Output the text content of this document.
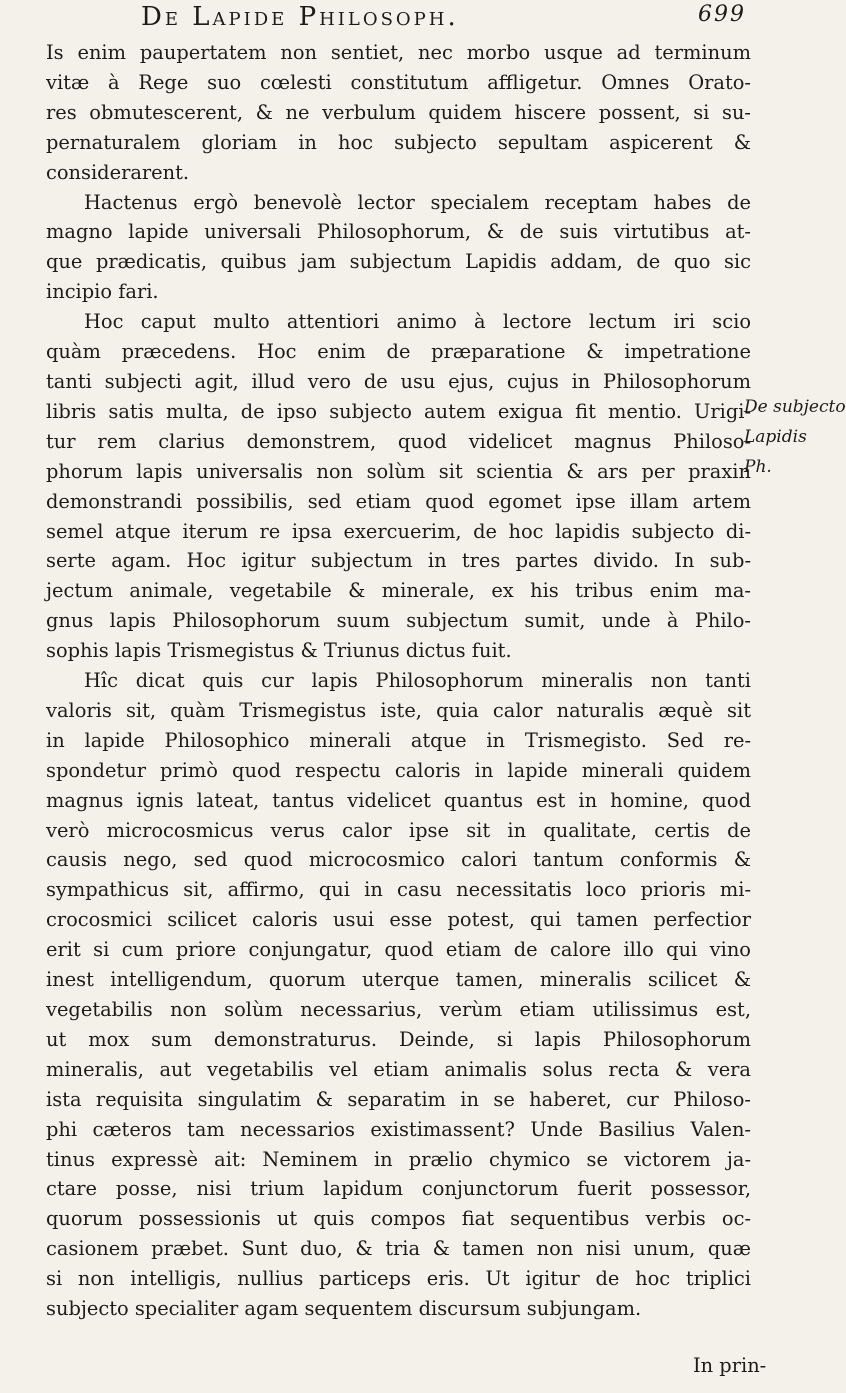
De Lapide Philosoph.	699

Is enim paupertatem non sentiet, nec morbo usque ad terminum
vitæ à Rege suo cœlesti constitutum affligetur. Omnes Orato-
res obmutescerent, & ne verbulum quidem hiscere possent, si su-
pernaturalem gloriam in hoc subjecto sepultam aspicerent &
considerarent.

Hactenus ergò benevolè lector specialem receptam habes de
magno lapide universali Philosophorum, & de suis virtutibus at-
que prædicatis, quibus jam subjectum Lapidis addam, de quo sic
incipio fari.

Hoc caput multo attentiori animo à lectore lectum iri scio
quàm præcedens. Hoc enim de præparatione & impetratione
tanti subjecti agit, illud vero de usu ejus, cujus in Philosophorum
libris satis multa, de ipso subjecto autem exigua fit mentio. Urigi-
tur rem clarius demonstrem, quod videlicet magnus Philoso-
phorum lapis universalis non solùm sit scientia & ars per praxin
demonstrandi possibilis, sed etiam quod egomet ipse illam artem
semel atque iterum re ipsa exercuerim, de hoc lapidis subjecto di-
serte agam. Hoc igitur subjectum in tres partes divido. In sub-
jectum animale, vegetabile & minerale, ex his tribus enim ma-
gnus lapis Philosophorum suum subjectum sumit, unde à Philo-
sophis lapis Trismegistus & Triunus dictus fuit.

Hîc dicat quis cur lapis Philosophorum mineralis non tanti
valoris sit, quàm Trismegistus iste, quia calor naturalis æquè sit
in lapide Philosophico minerali atque in Trismegisto. Sed re-
spondetur primò quod respectu caloris in lapide minerali quidem
magnus ignis lateat, tantus videlicet quantus est in homine, quod
verò microcosmicus verus calor ipse sit in qualitate, certis de
causis nego, sed quod microcosmico calori tantum conformis &
sympathicus sit, affirmo, qui in casu necessitatis loco prioris mi-
crocosmici scilicet caloris usui esse potest, qui tamen perfectior
erit si cum priore conjungatur, quod etiam de calore illo qui vino
inest intelligendum, quorum uterque tamen, mineralis scilicet &
vegetabilis non solùm necessarius, verùm etiam utilissimus est,
ut mox sum demonstraturus. Deinde, si lapis Philosophorum
mineralis, aut vegetabilis vel etiam animalis solus recta & vera
ista requisita singulatim & separatim in se haberet, cur Philoso-
phi cæteros tam necessarios existimassent? Unde Basilius Valen-
tinus expressè ait: Neminem in prælio chymico se victorem ja-
ctare posse, nisi trium lapidum conjunctorum fuerit possessor,
quorum possessionis ut quis compos fiat sequentibus verbis oc-
casionem præbet. Sunt duo, & tria & tamen non nisi unum, quæ
si non intelligis, nullius particeps eris. Ut igitur de hoc triplici
subjecto specialiter agam sequentem discursum subjungam.

De subjecto
Lapidis
Ph.
In prin-
